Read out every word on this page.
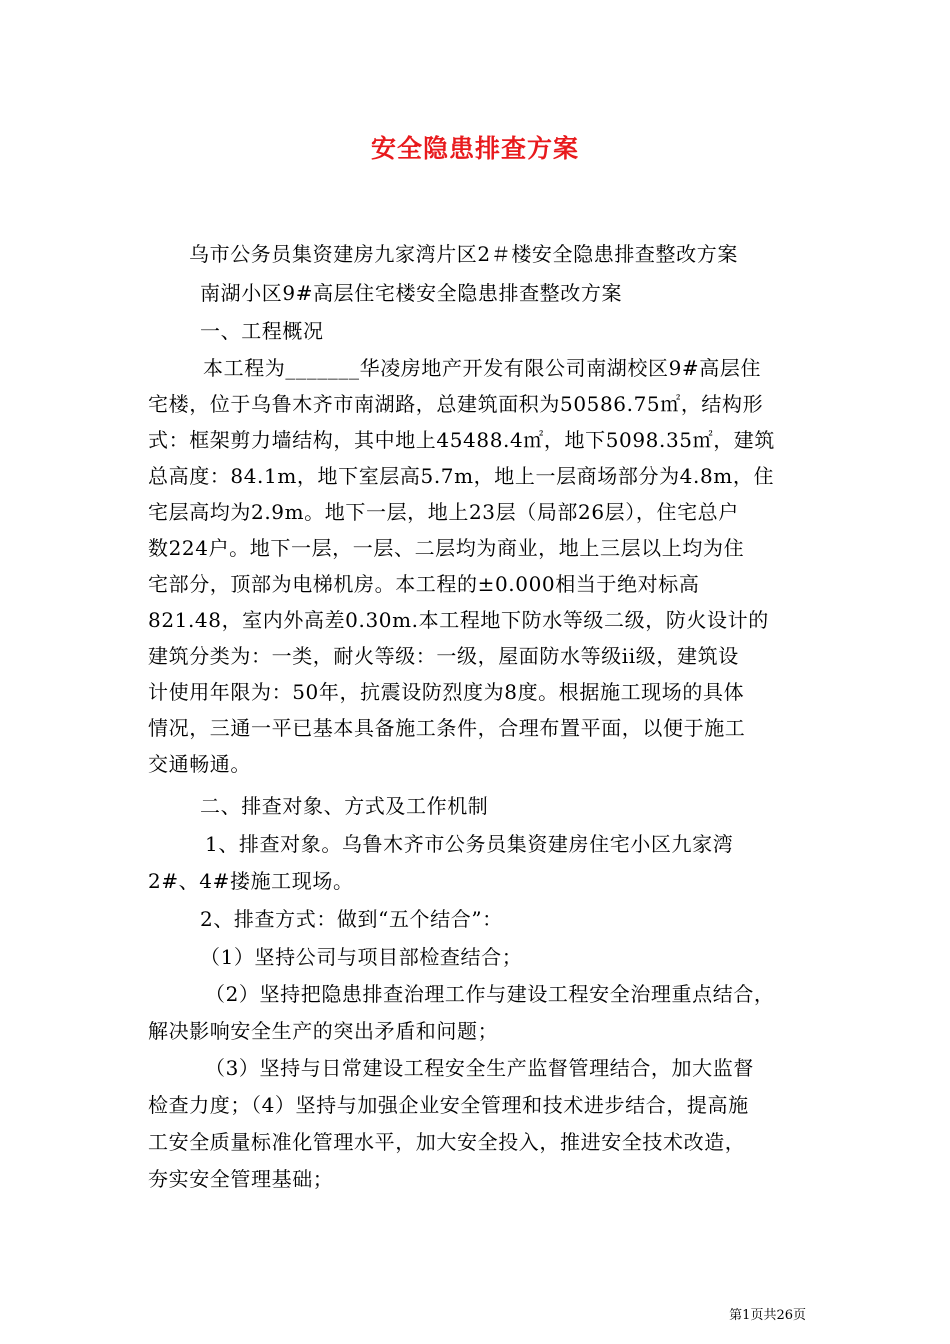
安全隐患排查方案
乌市公务员集资建房九家湾片区2＃楼安全隐患排查整改方案
南湖小区9#高层住宅楼安全隐患排查整改方案
一、工程概况
本工程为_______华凌房地产开发有限公司南湖校区9#高层住
宅楼，位于乌鲁木齐市南湖路，总建筑面积为50586.75㎡，结构形
式：框架剪力墙结构，其中地上45488.4㎡，地下5098.35㎡，建筑
总高度：84.1m，地下室层高5.7m，地上一层商场部分为4.8m，住
宅层高均为2.9m。地下一层，地上23层（局部26层），住宅总户
数224户。地下一层，一层、二层均为商业，地上三层以上均为住
宅部分，顶部为电梯机房。本工程的±0.000相当于绝对标高
821.48，室内外高差0.30m.本工程地下防水等级二级，防火设计的
建筑分类为：一类，耐火等级：一级，屋面防水等级ii级，建筑设
计使用年限为：50年，抗震设防烈度为8度。根据施工现场的具体
情况，三通一平已基本具备施工条件，合理布置平面，以便于施工
交通畅通。
二、排查对象、方式及工作机制
1、排查对象。乌鲁木齐市公务员集资建房住宅小区九家湾
2#、4#搂施工现场。
2、排查方式：做到“五个结合”：
（1）坚持公司与项目部检查结合；
（2）坚持把隐患排查治理工作与建设工程安全治理重点结合，
解决影响安全生产的突出矛盾和问题；
（3）坚持与日常建设工程安全生产监督管理结合，加大监督
检查力度；（4）坚持与加强企业安全管理和技术进步结合，提高施
工安全质量标准化管理水平，加大安全投入，推进安全技术改造，
夯实安全管理基础；
第1页共26页
